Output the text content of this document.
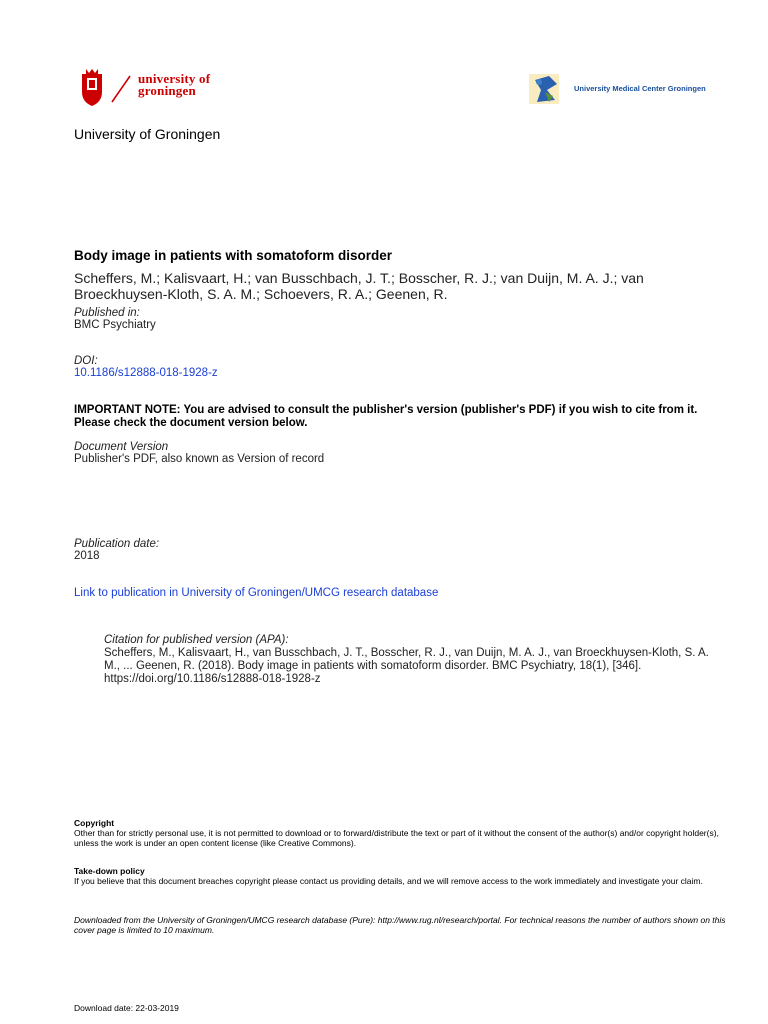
university of
groningen	University Medical Center Groningen
University of Groningen
Body image in patients with somatoform disorder
Scheffers, M.; Kalisvaart, H.; van Busschbach, J. T.; Bosscher, R. J.; van Duijn, M. A. J.; van Broeckhuysen-Kloth, S. A. M.; Schoevers, R. A.; Geenen, R.
Published in:
BMC Psychiatry
DOI:
10.1186/s12888-018-1928-z
IMPORTANT NOTE: You are advised to consult the publisher's version (publisher's PDF) if you wish to cite from it. Please check the document version below.
Document Version
Publisher's PDF, also known as Version of record
Publication date:
2018
Link to publication in University of Groningen/UMCG research database
Citation for published version (APA):
Scheffers, M., Kalisvaart, H., van Busschbach, J. T., Bosscher, R. J., van Duijn, M. A. J., van Broeckhuysen-Kloth, S. A. M., ... Geenen, R. (2018). Body image in patients with somatoform disorder. BMC Psychiatry, 18(1), [346]. https://doi.org/10.1186/s12888-018-1928-z
Copyright
Other than for strictly personal use, it is not permitted to download or to forward/distribute the text or part of it without the consent of the author(s) and/or copyright holder(s), unless the work is under an open content license (like Creative Commons).
Take-down policy
If you believe that this document breaches copyright please contact us providing details, and we will remove access to the work immediately and investigate your claim.
Downloaded from the University of Groningen/UMCG research database (Pure): http://www.rug.nl/research/portal. For technical reasons the number of authors shown on this cover page is limited to 10 maximum.
Download date: 22-03-2019
